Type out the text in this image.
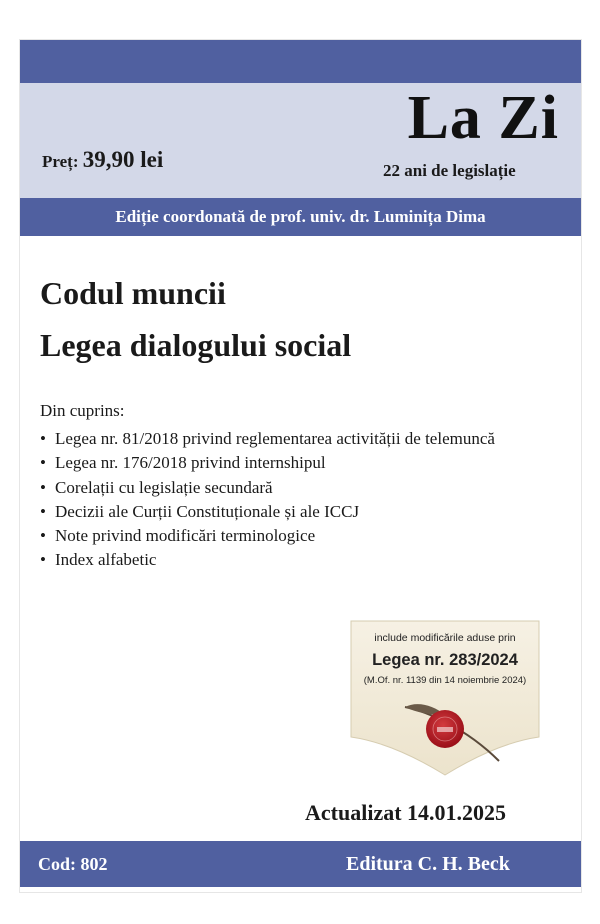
Preț: 39,90 lei
La Zi
22 ani de legislație
Ediție coordonată de prof. univ. dr. Luminița Dima
Codul muncii
Legea dialogului social
Din cuprins:
• Legea nr. 81/2018 privind reglementarea activității de telemuncă
• Legea nr. 176/2018 privind internshipul
• Corelații cu legislație secundară
• Decizii ale Curții Constituționale și ale ICCJ
• Note privind modificări terminologice
• Index alfabetic
include modificările aduse prin
Legea nr. 283/2024
(M.Of. nr. 1139 din 14 noiembrie 2024)
Actualizat 14.01.2025
Cod: 802	Editura C. H. Beck
